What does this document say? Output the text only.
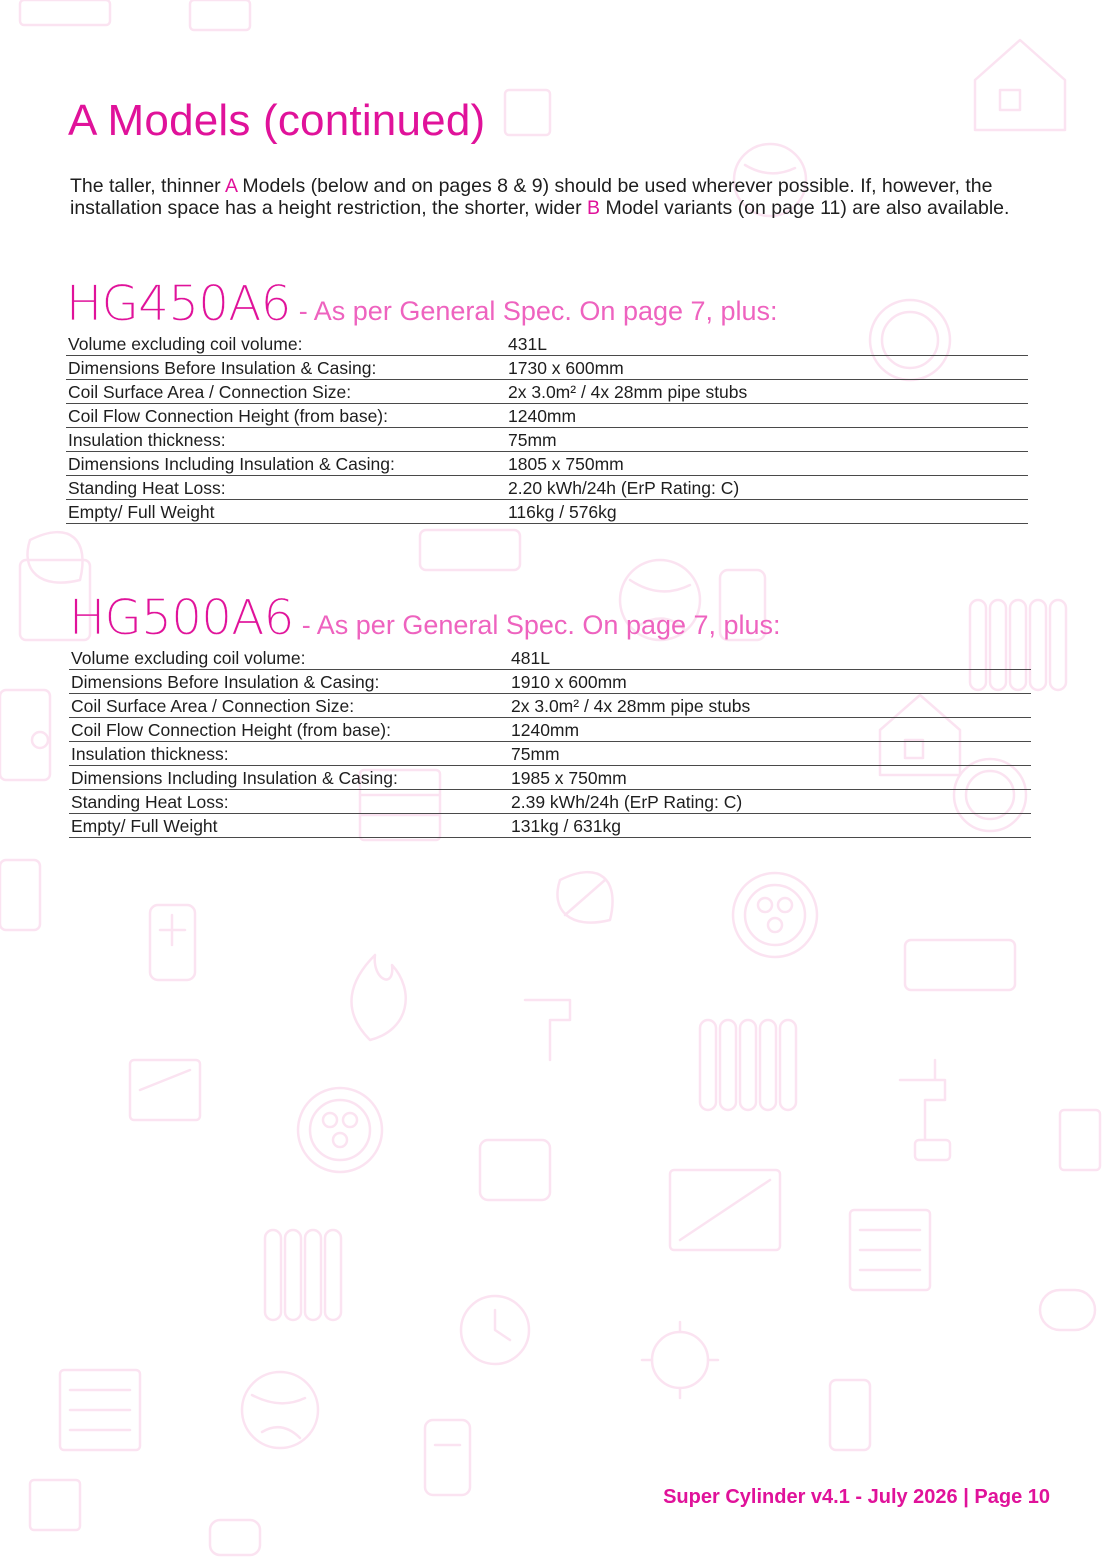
A Models (continued)
The taller, thinner A Models (below and on pages 8 & 9) should be used wherever possible. If, however, the installation space has a height restriction, the shorter, wider B Model variants (on page 11) are also available.
HG450A6 - As per General Spec. On page 7, plus:
Volume excluding coil volume:	431L
Dimensions Before Insulation & Casing:	1730 x 600mm
Coil Surface Area / Connection Size:	2x 3.0m² / 4x 28mm pipe stubs
Coil Flow Connection Height (from base):	1240mm
Insulation thickness:	75mm
Dimensions Including Insulation & Casing:	1805 x 750mm
Standing Heat Loss:	2.20 kWh/24h (ErP Rating: C)
Empty/ Full Weight	116kg / 576kg
HG500A6 - As per General Spec. On page 7, plus:
Volume excluding coil volume:	481L
Dimensions Before Insulation & Casing:	1910 x 600mm
Coil Surface Area / Connection Size:	2x 3.0m² / 4x 28mm pipe stubs
Coil Flow Connection Height (from base):	1240mm
Insulation thickness:	75mm
Dimensions Including Insulation & Casing:	1985 x 750mm
Standing Heat Loss:	2.39 kWh/24h (ErP Rating: C)
Empty/ Full Weight	131kg / 631kg
Super Cylinder v4.1 - July 2026 | Page 10
